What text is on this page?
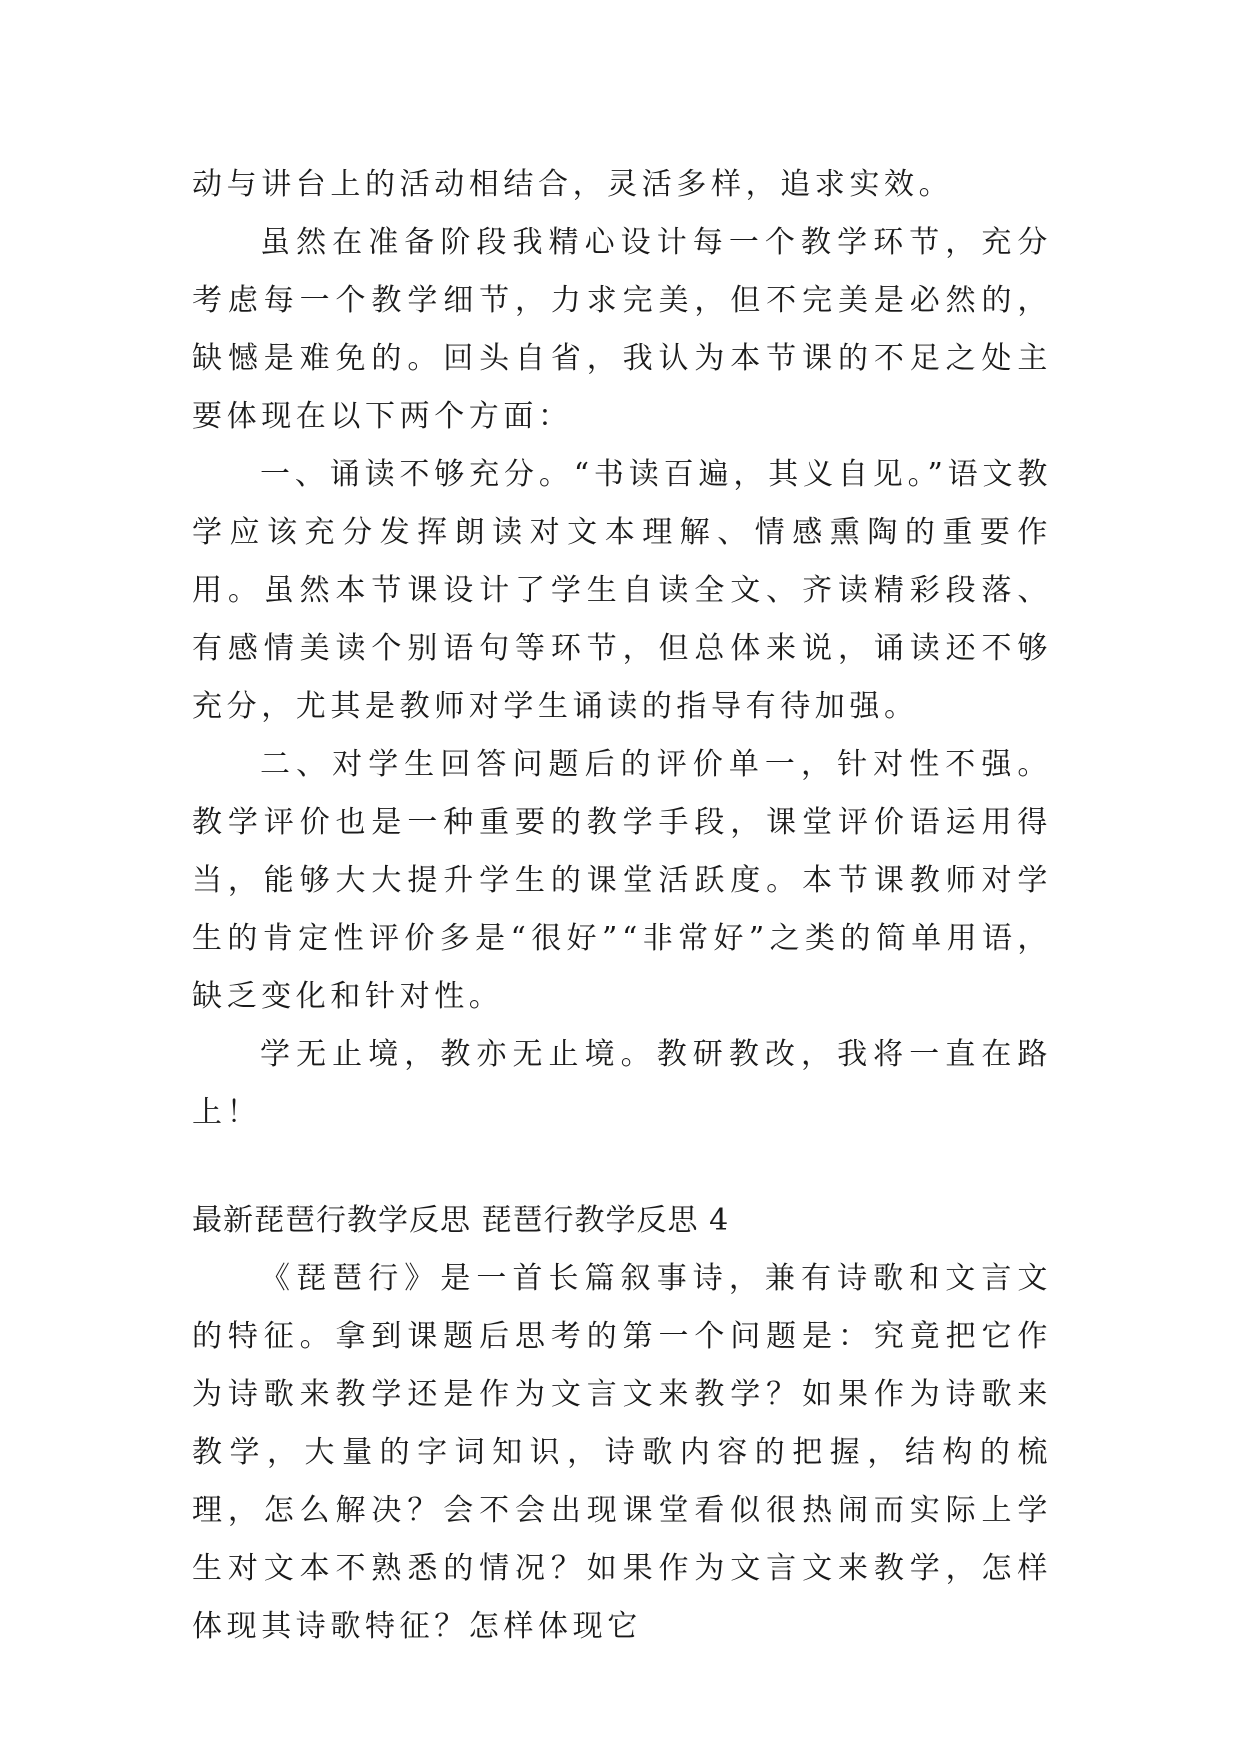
动与讲台上的活动相结合，灵活多样，追求实效。

虽然在准备阶段我精心设计每一个教学环节，充分考虑每一个教学细节，力求完美，但不完美是必然的，缺憾是难免的。回头自省，我认为本节课的不足之处主要体现在以下两个方面：

一、诵读不够充分。“书读百遍，其义自见。”语文教学应该充分发挥朗读对文本理解、情感熏陶的重要作用。虽然本节课设计了学生自读全文、齐读精彩段落、有感情美读个别语句等环节，但总体来说，诵读还不够充分，尤其是教师对学生诵读的指导有待加强。

二、对学生回答问题后的评价单一，针对性不强。教学评价也是一种重要的教学手段，课堂评价语运用得当，能够大大提升学生的课堂活跃度。本节课教师对学生的肯定性评价多是“很好”“非常好”之类的简单用语，缺乏变化和针对性。

学无止境，教亦无止境。教研教改，我将一直在路上！

最新琵琶行教学反思 琵琶行教学反思 4

《琵琶行》是一首长篇叙事诗，兼有诗歌和文言文的特征。拿到课题后思考的第一个问题是：究竟把它作为诗歌来教学还是作为文言文来教学？如果作为诗歌来教学，大量的字词知识，诗歌内容的把握，结构的梳理，怎么解决？会不会出现课堂看似很热闹而实际上学生对文本不熟悉的情况？如果作为文言文来教学，怎样体现其诗歌特征？怎样体现它
